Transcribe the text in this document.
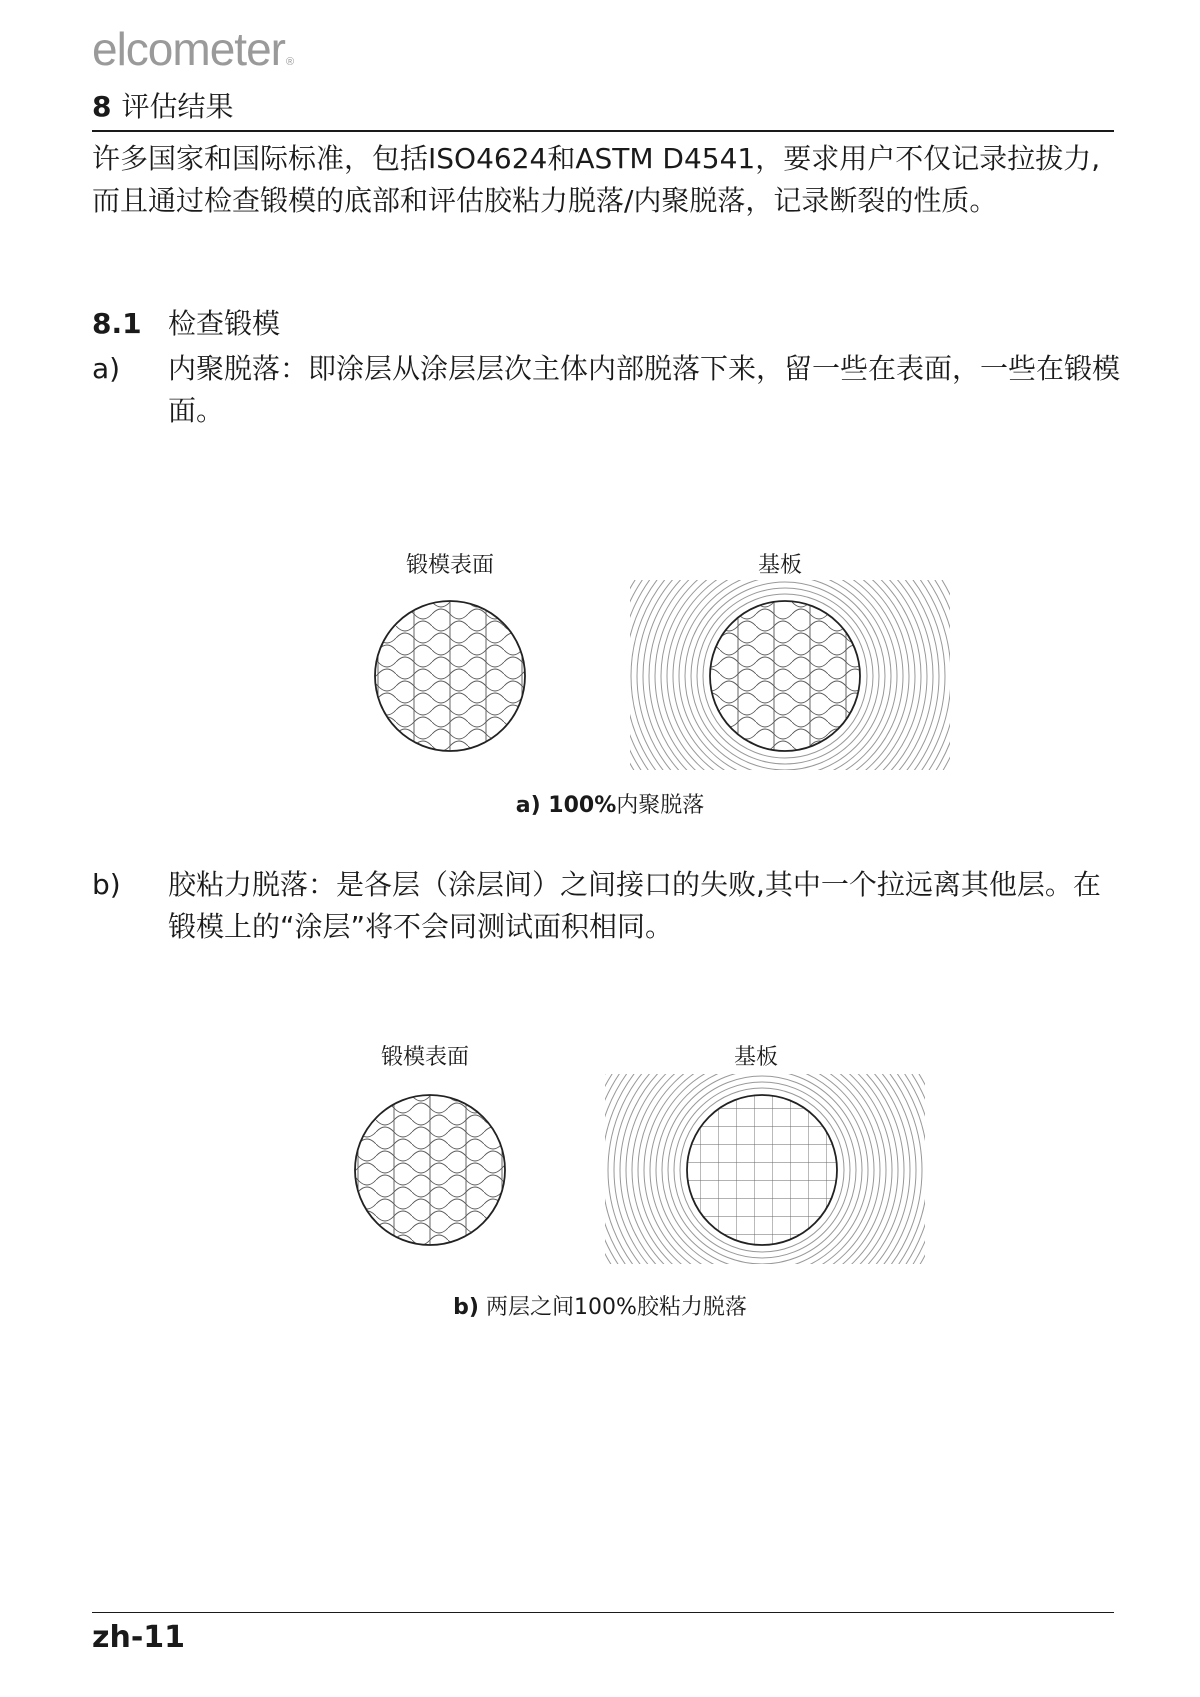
elcometer®
8 评估结果
许多国家和国际标准，包括ISO4624和ASTM D4541，要求用户不仅记录拉拔力,而且通过检查锻模的底部和评估胶粘力脱落/内聚脱落，记录断裂的性质。
8.1 检查锻模
a) 内聚脱落：即涂层从涂层层次主体内部脱落下来，留一些在表面，一些在锻模面。
锻模表面	基板
a) 100%内聚脱落
b) 胶粘力脱落：是各层（涂层间）之间接口的失败,其中一个拉远离其他层。在锻模上的“涂层”将不会同测试面积相同。
锻模表面	基板
b) 两层之间100%胶粘力脱落
zh-11
